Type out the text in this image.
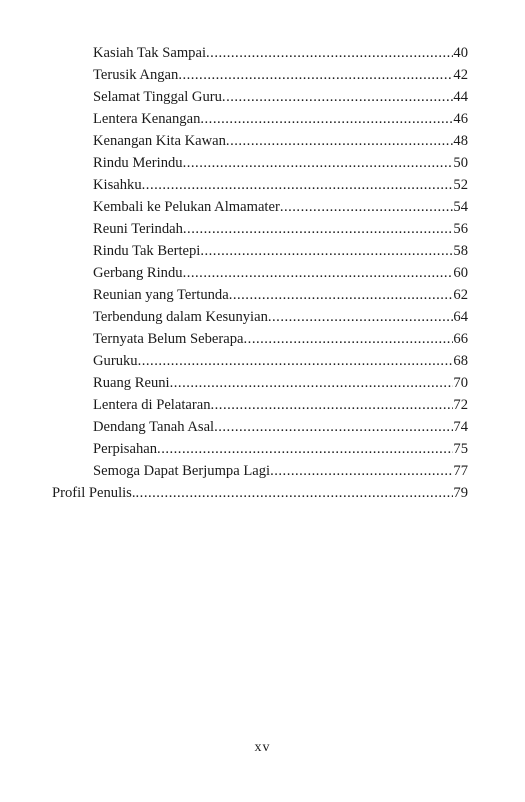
Kasiah Tak Sampai .....	40
Terusik Angan .....	42
Selamat Tinggal Guru .....	44
Lentera Kenangan .....	46
Kenangan Kita Kawan .....	48
Rindu Merindu .....	50
Kisahku .....	52
Kembali ke Pelukan Almamater .....	54
Reuni Terindah .....	56
Rindu Tak Bertepi .....	58
Gerbang Rindu .....	60
Reunian yang Tertunda .....	62
Terbendung dalam Kesunyian .....	64
Ternyata Belum Seberapa .....	66
Guruku .....	68
Ruang Reuni .....	70
Lentera di Pelataran .....	72
Dendang Tanah Asal .....	74
Perpisahan .....	75
Semoga Dapat Berjumpa Lagi .....	77
Profil Penulis. .....	79
xv
